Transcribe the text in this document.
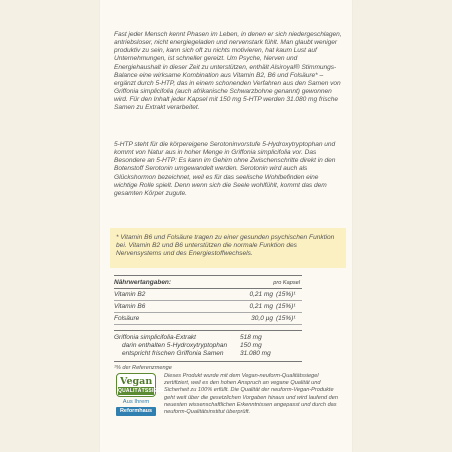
Fast jeder Mensch kennt Phasen im Leben, in denen er sich niedergeschlagen, antriebsloser, nicht energiegeladen und nervenstark fühlt. Man glaubt weniger produktiv zu sein, kann sich oft zu nichts motivieren, hat kaum Lust auf Unternehmungen, ist schneller gereizt. Um Psyche, Nerven und Energiehaushalt in dieser Zeit zu unterstützen, enthält Alsiroyal® Stimmungs-Balance eine wirksame Kombination aus Vitamin B2, B6 und Folsäure* – ergänzt durch 5-HTP, das in einem schonenden Verfahren aus den Samen von Griffonia simplicifolia (auch afrikanische Schwarzbohne genannt) gewonnen wird. Für den Inhalt jeder Kapsel mit 150 mg 5-HTP werden 31.080 mg frische Samen zu Extrakt verarbeitet.
5-HTP steht für die körpereigene Serotoninvorstufe 5-Hydroxytryptophan und kommt von Natur aus in hoher Menge in Griffonia simplicifolia vor. Das Besondere an 5-HTP: Es kann im Gehirn ohne Zwischenschritte direkt in den Botenstoff Serotonin umgewandelt werden. Serotonin wird auch als Glückshormon bezeichnet, weil es für das seelische Wohlbefinden eine wichtige Rolle spielt. Denn wenn sich die Seele wohlfühlt, kommt das dem gesamten Körper zugute.
* Vitamin B6 und Folsäure tragen zu einer gesunden psychischen Funktion bei. Vitamin B2 und B6 unterstützen die normale Funktion des Nervensystems und des Energiestoffwechsels.
Nährwertangaben:	pro Kapsel
Vitamin B2	0,21 mg (15%)¹
Vitamin B6	0,21 mg (15%)¹
Folsäure	30,0 µg (15%)¹
Griffonia simplicifolia-Extrakt	518 mg
darin enthalten 5-Hydroxytryptophan 150 mg
entspricht frischen Griffonia Samen	31.080 mg
¹% der Referenzmenge
Vegan
QUALITÄTSSIEGEL
Aus Ihrem
Reformhaus
Dieses Produkt wurde mit dem Vegan-neuform-Qualitätssiegel zertifiziert, weil es den hohen Anspruch an vegane Qualität und Sicherheit zu 100% erfüllt. Die Qualität der neuform-Vegan-Produkte geht weit über die gesetzlichen Vorgaben hinaus und wird laufend den neuesten wissenschaftlichen Erkenntnissen angepasst und durch das neuform-Qualitätsinstitut überprüft.
